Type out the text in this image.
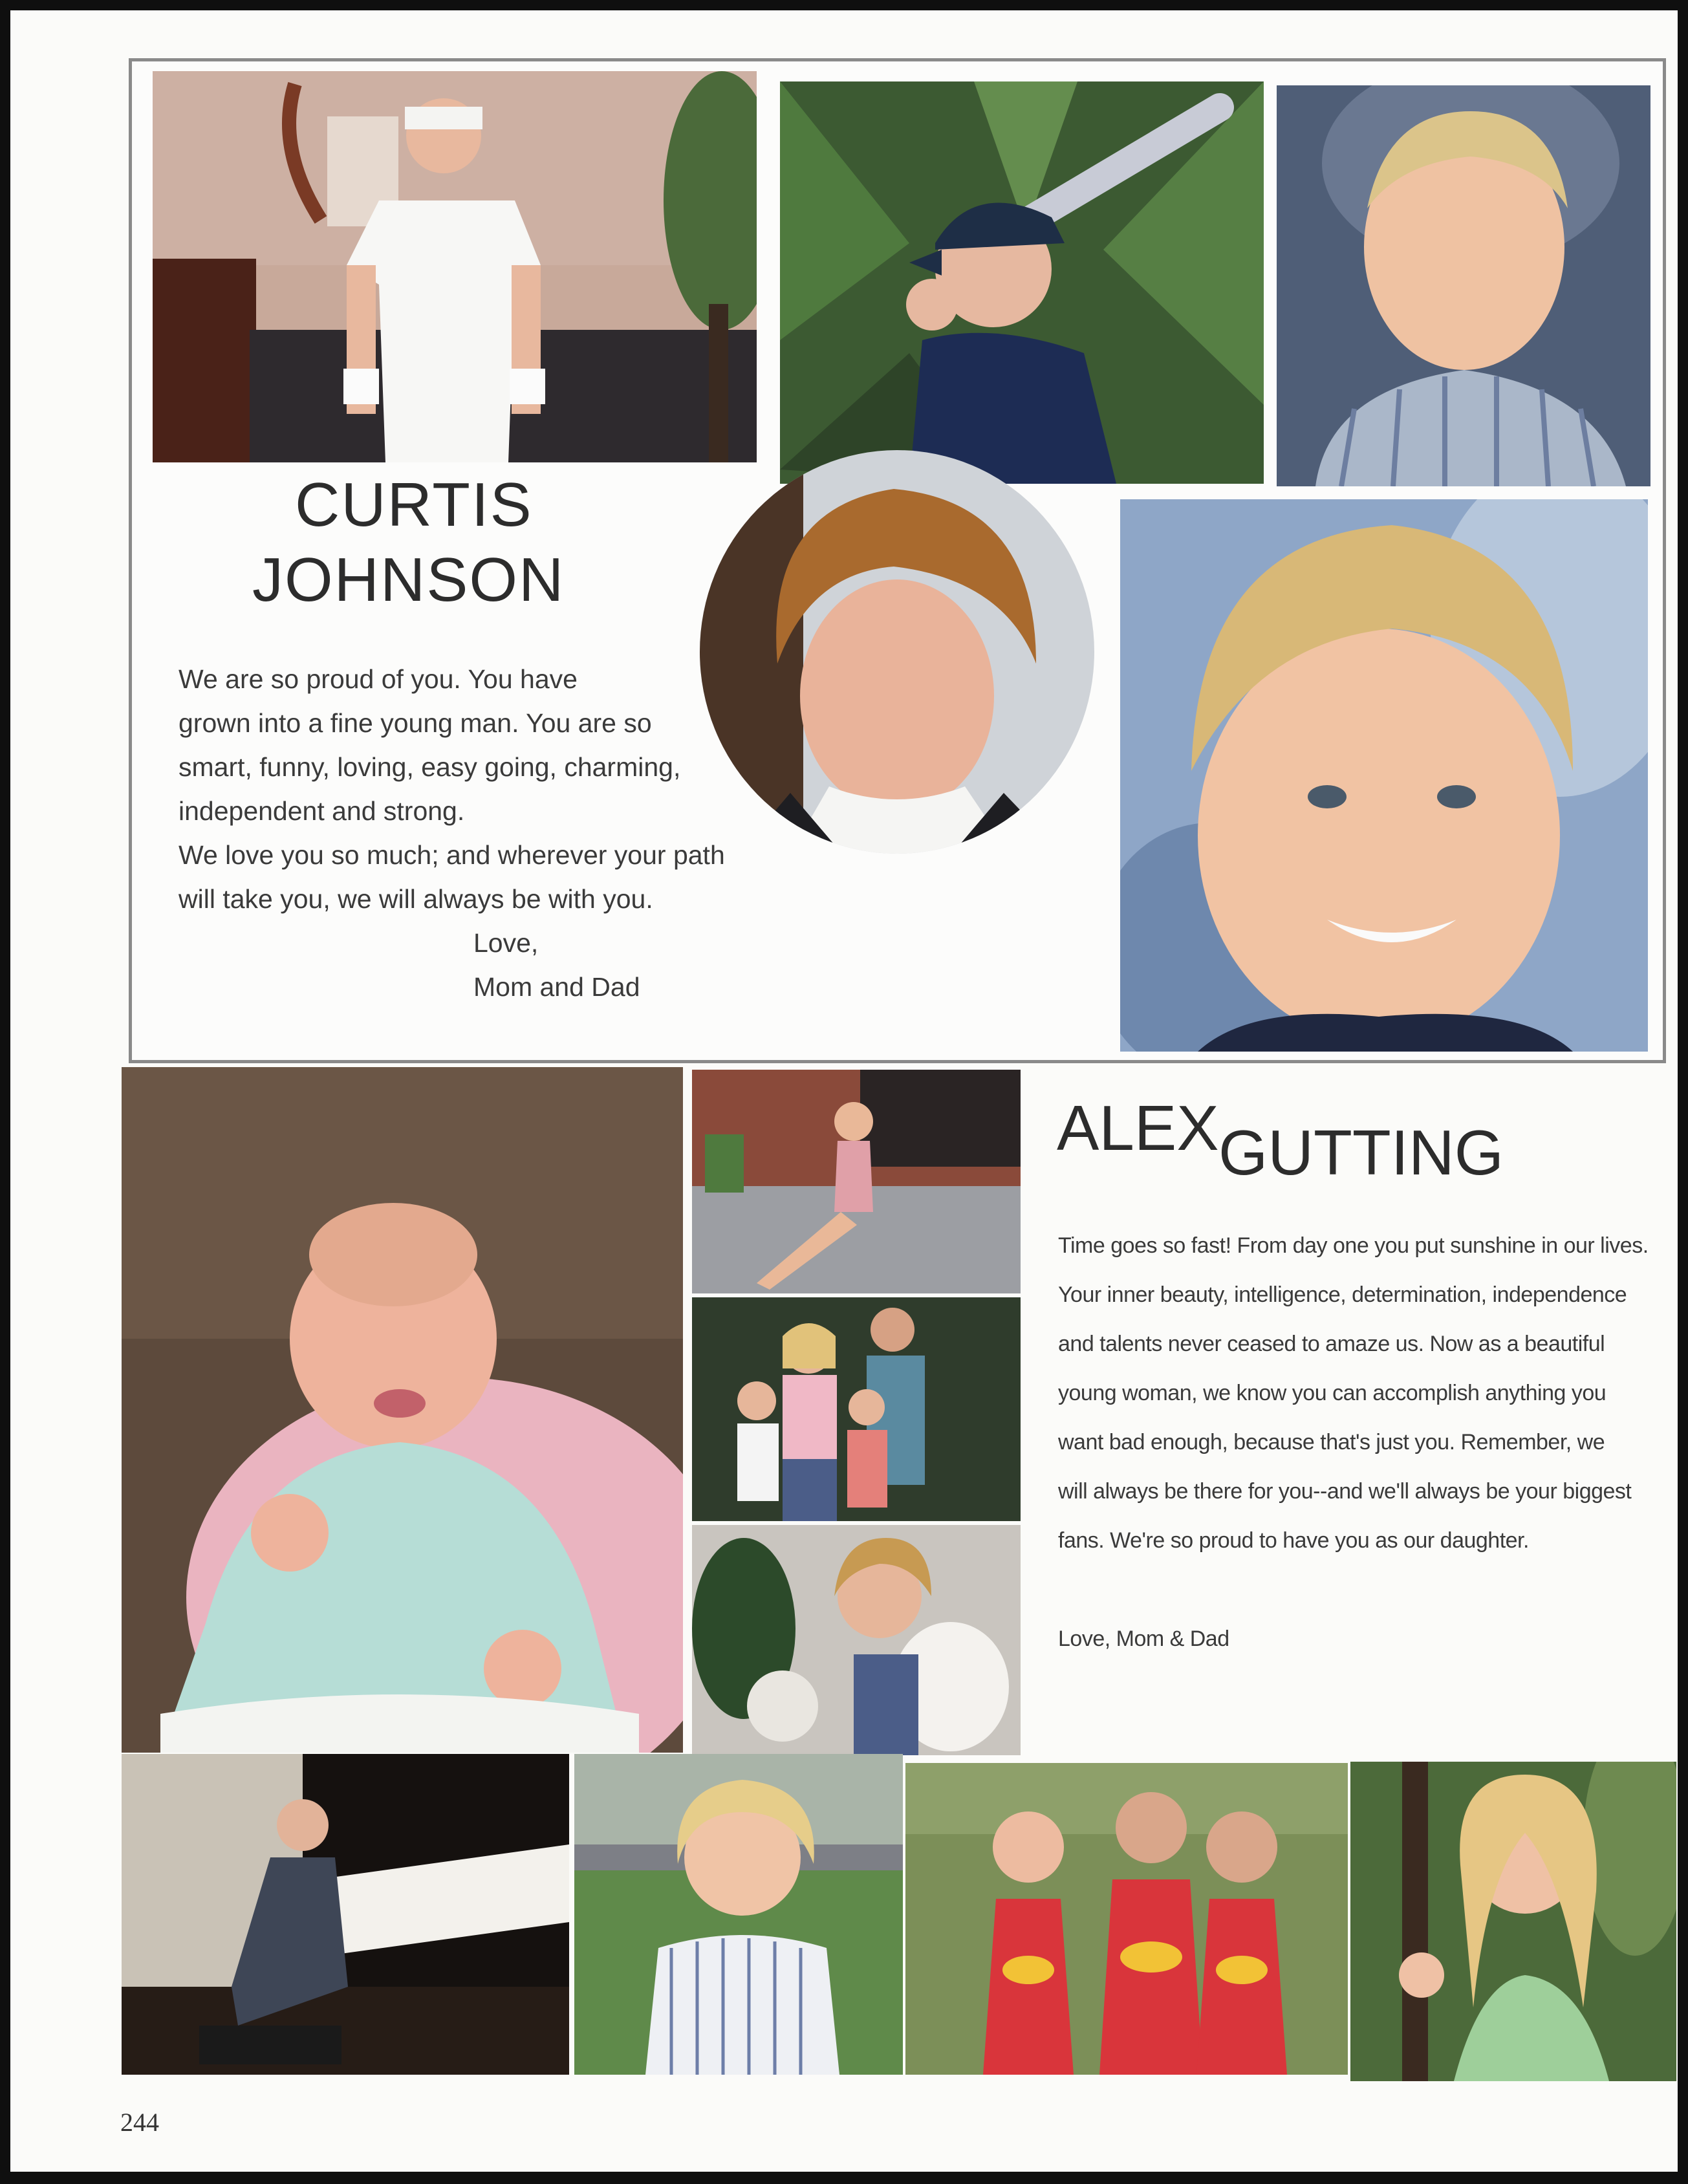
CURTIS
JOHNSON

We are so proud of you. You have

grown into a fine young man. You are so

smart, funny, loving, easy going, charming,

independent and strong.

We love you so much; and wherever your path

will take you, we will always be with you.

Love,

Mom and Dad

ALEX GUTTING

Time goes so fast! From day one you put sunshine in our lives.

Your inner beauty, intelligence, determination, independence

and talents never ceased to amaze us. Now as a beautiful

young woman, we know you can accomplish anything you

want bad enough, because that's just you. Remember, we

will always be there for you--and we'll always be your biggest

fans. We're so proud to have you as our daughter.

Love, Mom & Dad

244
